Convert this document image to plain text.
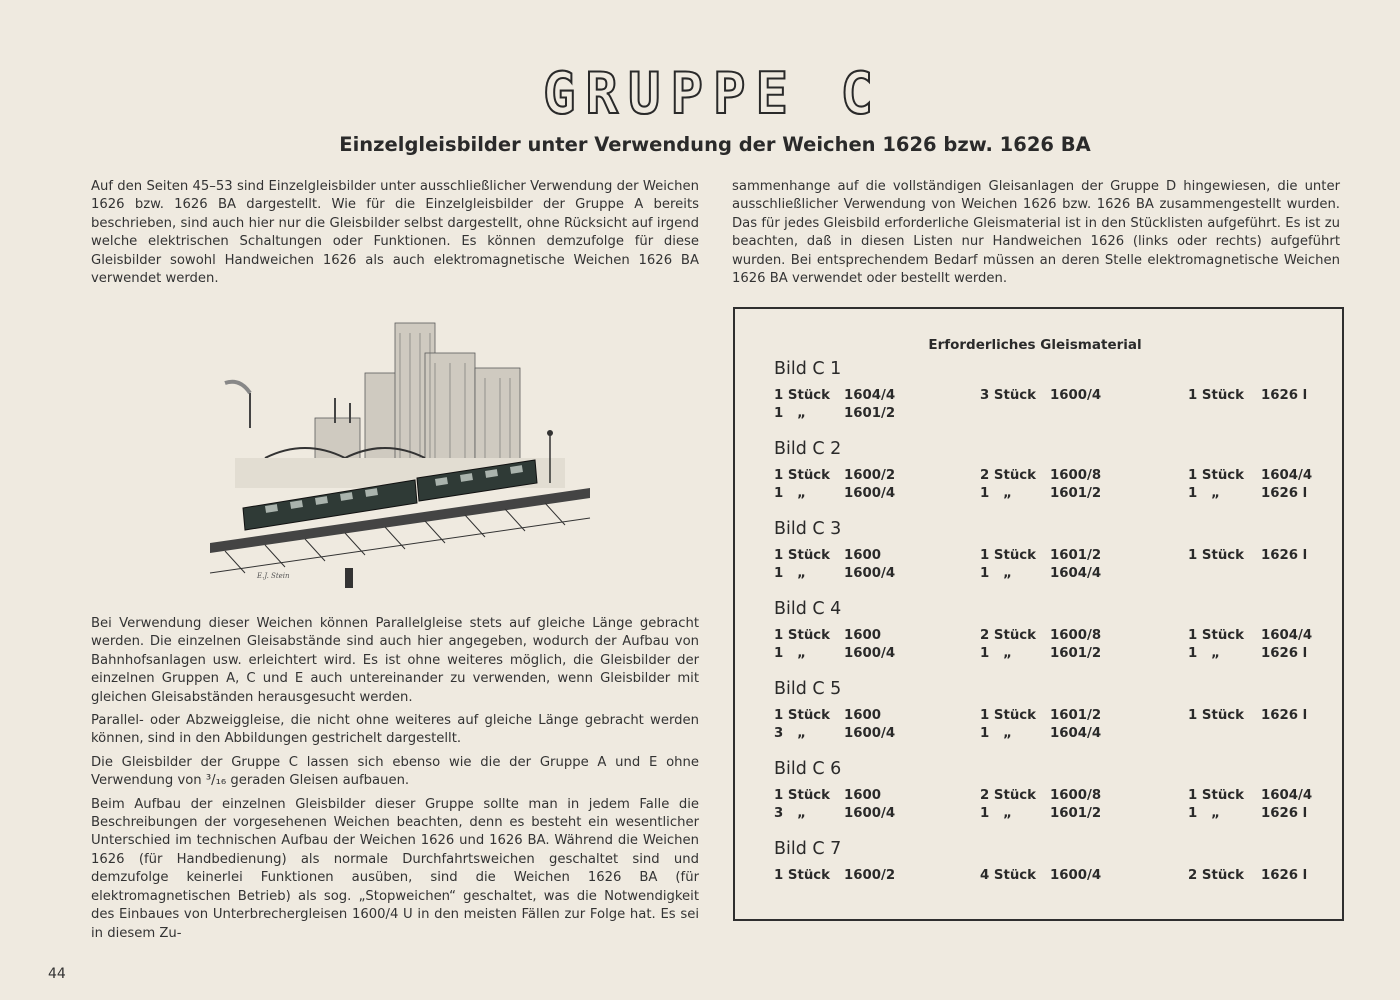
GRUPPE C
Einzelgleisbilder unter Verwendung der Weichen 1626 bzw. 1626 BA
Auf den Seiten 45–53 sind Einzelgleisbilder unter ausschließlicher Verwendung der Weichen 1626 bzw. 1626 BA dargestellt. Wie für die Einzelgleisbilder der Gruppe A bereits beschrieben, sind auch hier nur die Gleisbilder selbst dargestellt, ohne Rücksicht auf irgend welche elektrischen Schaltungen oder Funktionen. Es können demzufolge für diese Gleisbilder sowohl Handweichen 1626 als auch elektromagnetische Weichen 1626 BA verwendet werden.
sammenhange auf die vollständigen Gleisanlagen der Gruppe D hingewiesen, die unter ausschließlicher Verwendung von Weichen 1626 bzw. 1626 BA zusammengestellt wurden. Das für jedes Gleisbild erforderliche Gleismaterial ist in den Stücklisten aufgeführt. Es ist zu beachten, daß in diesen Listen nur Handweichen 1626 (links oder rechts) aufgeführt wurden. Bei entsprechendem Bedarf müssen an deren Stelle elektromagnetische Weichen 1626 BA verwendet oder bestellt werden.
E.J. Stein

Bei Verwendung dieser Weichen können Parallelgleise stets auf gleiche Länge gebracht werden. Die einzelnen Gleisabstände sind auch hier angegeben, wodurch der Aufbau von Bahnhofsanlagen usw. erleichtert wird. Es ist ohne weiteres möglich, die Gleisbilder der einzelnen Gruppen A, C und E auch untereinander zu verwenden, wenn Gleisbilder mit gleichen Gleisabständen herausgesucht werden.

Parallel- oder Abzweiggleise, die nicht ohne weiteres auf gleiche Länge gebracht werden können, sind in den Abbildungen gestrichelt dargestellt.

Die Gleisbilder der Gruppe C lassen sich ebenso wie die der Gruppe A und E ohne Verwendung von ³/₁₆ geraden Gleisen aufbauen.

Beim Aufbau der einzelnen Gleisbilder dieser Gruppe sollte man in jedem Falle die Beschreibungen der vorgesehenen Weichen beachten, denn es besteht ein wesentlicher Unterschied im technischen Aufbau der Weichen 1626 und 1626 BA. Während die Weichen 1626 (für Handbedienung) als normale Durchfahrtsweichen geschaltet sind und demzufolge keinerlei Funktionen ausüben, sind die Weichen 1626 BA (für elektromagnetischen Betrieb) als sog. „Stopweichen“ geschaltet, was die Notwendigkeit des Einbaues von Unterbrechergleisen 1600/4 U in den meisten Fällen zur Folge hat. Es sei in diesem Zu-

Erforderliches Gleismaterial
Bild C 1
1 Stück 1604/4	3 Stück 1600/4	1 Stück 1626 l
1   „	1601/2
Bild C 2
1 Stück 1600/2	2 Stück 1600/8	1 Stück 1604/4
1   „	1600/4	1   „	1601/2	1   „	1626 l
Bild C 3
1 Stück 1600	1 Stück 1601/2	1 Stück 1626 l
1   „	1600/4	1   „	1604/4
Bild C 4
1 Stück 1600	2 Stück 1600/8	1 Stück 1604/4
1   „	1600/4	1   „	1601/2	1   „	1626 l
Bild C 5
1 Stück 1600	1 Stück 1601/2	1 Stück 1626 l
3   „	1600/4	1   „	1604/4
Bild C 6
1 Stück 1600	2 Stück 1600/8	1 Stück 1604/4
3   „	1600/4	1   „	1601/2	1   „	1626 l
Bild C 7
1 Stück 1600/2	4 Stück 1600/4	2 Stück 1626 l
44
